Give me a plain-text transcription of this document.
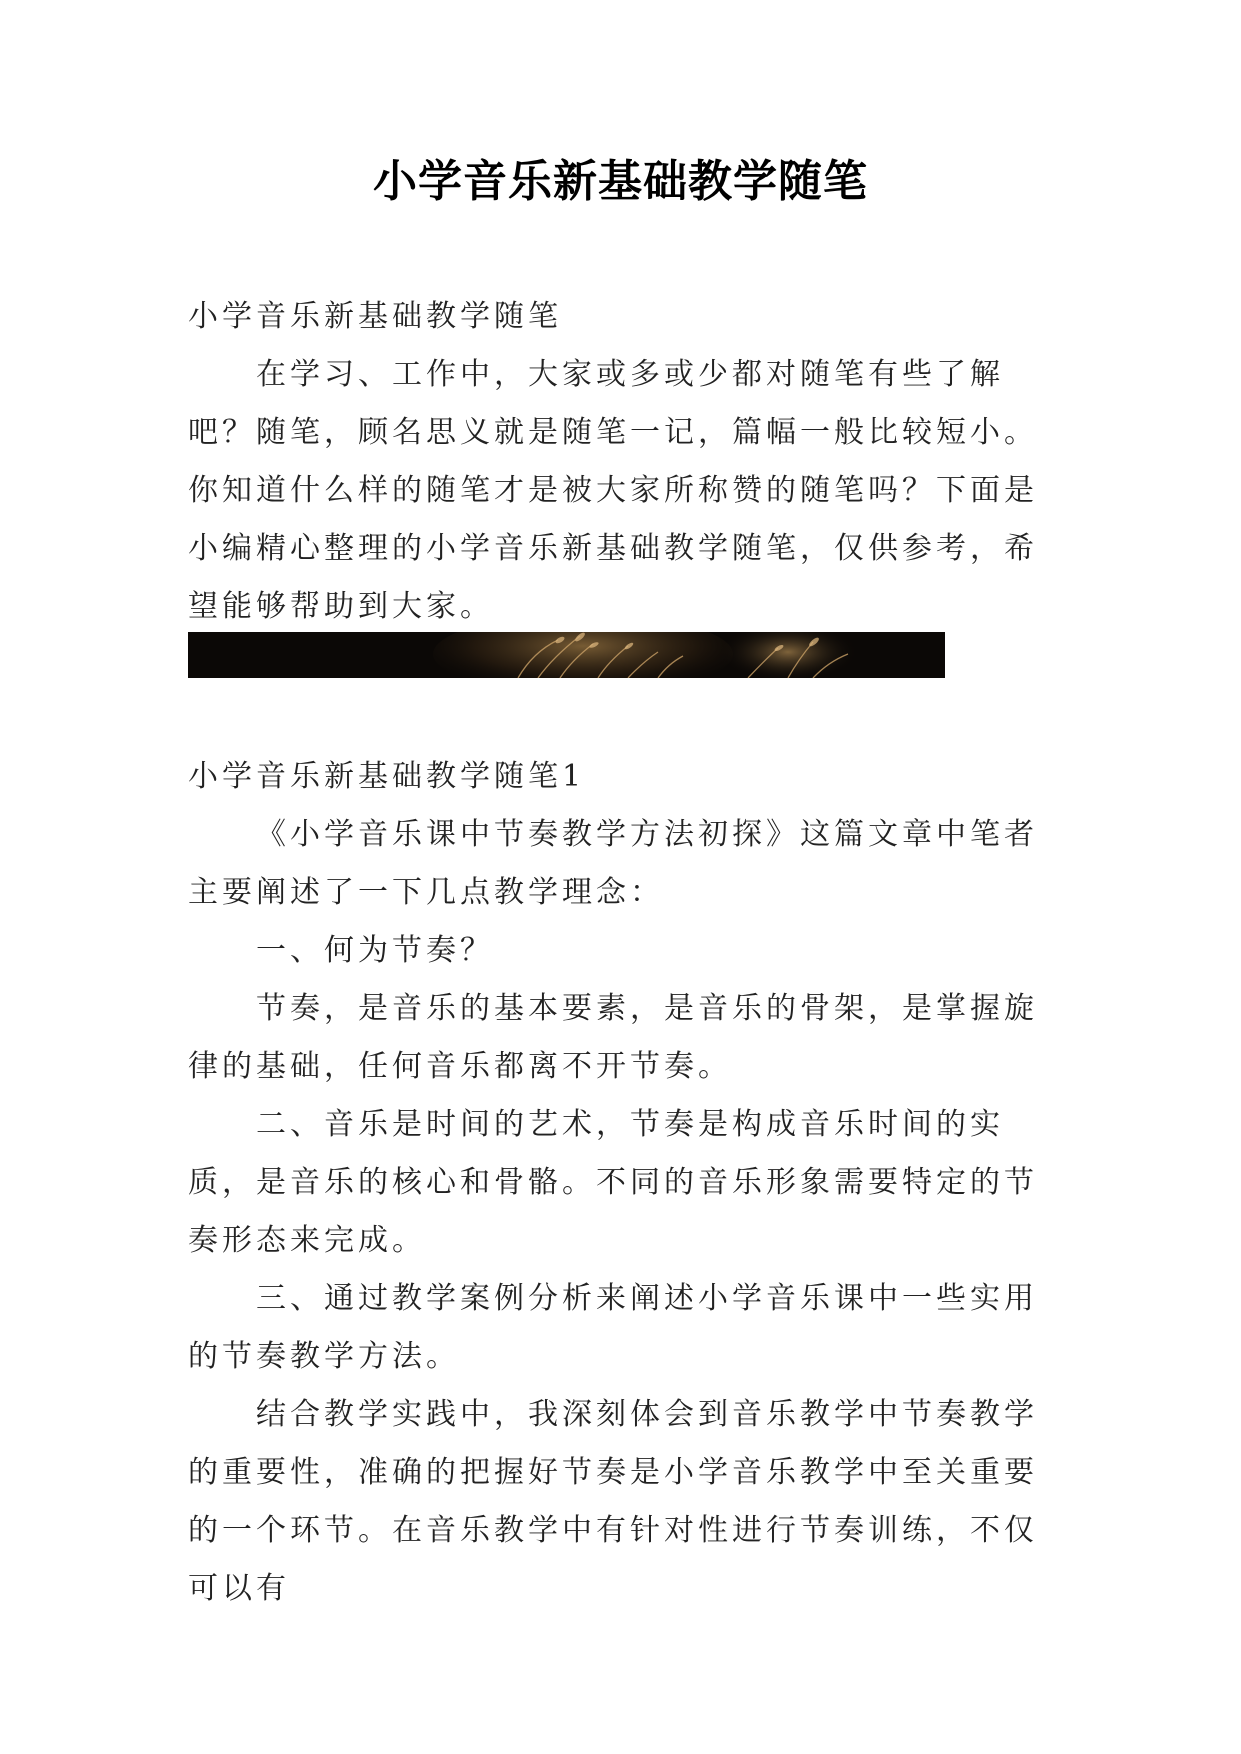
小学音乐新基础教学随笔

小学音乐新基础教学随笔

在学习、工作中，大家或多或少都对随笔有些了解吧？随笔，顾名思义就是随笔一记，篇幅一般比较短小。你知道什么样的随笔才是被大家所称赞的随笔吗？下面是小编精心整理的小学音乐新基础教学随笔，仅供参考，希望能够帮助到大家。

小学音乐新基础教学随笔1

《小学音乐课中节奏教学方法初探》这篇文章中笔者主要阐述了一下几点教学理念：

一、何为节奏？

节奏，是音乐的基本要素，是音乐的骨架，是掌握旋律的基础，任何音乐都离不开节奏。

二、音乐是时间的艺术，节奏是构成音乐时间的实质，是音乐的核心和骨骼。不同的音乐形象需要特定的节奏形态来完成。

三、通过教学案例分析来阐述小学音乐课中一些实用的节奏教学方法。

结合教学实践中，我深刻体会到音乐教学中节奏教学的重要性，准确的把握好节奏是小学音乐教学中至关重要的一个环节。在音乐教学中有针对性进行节奏训练，不仅可以有
